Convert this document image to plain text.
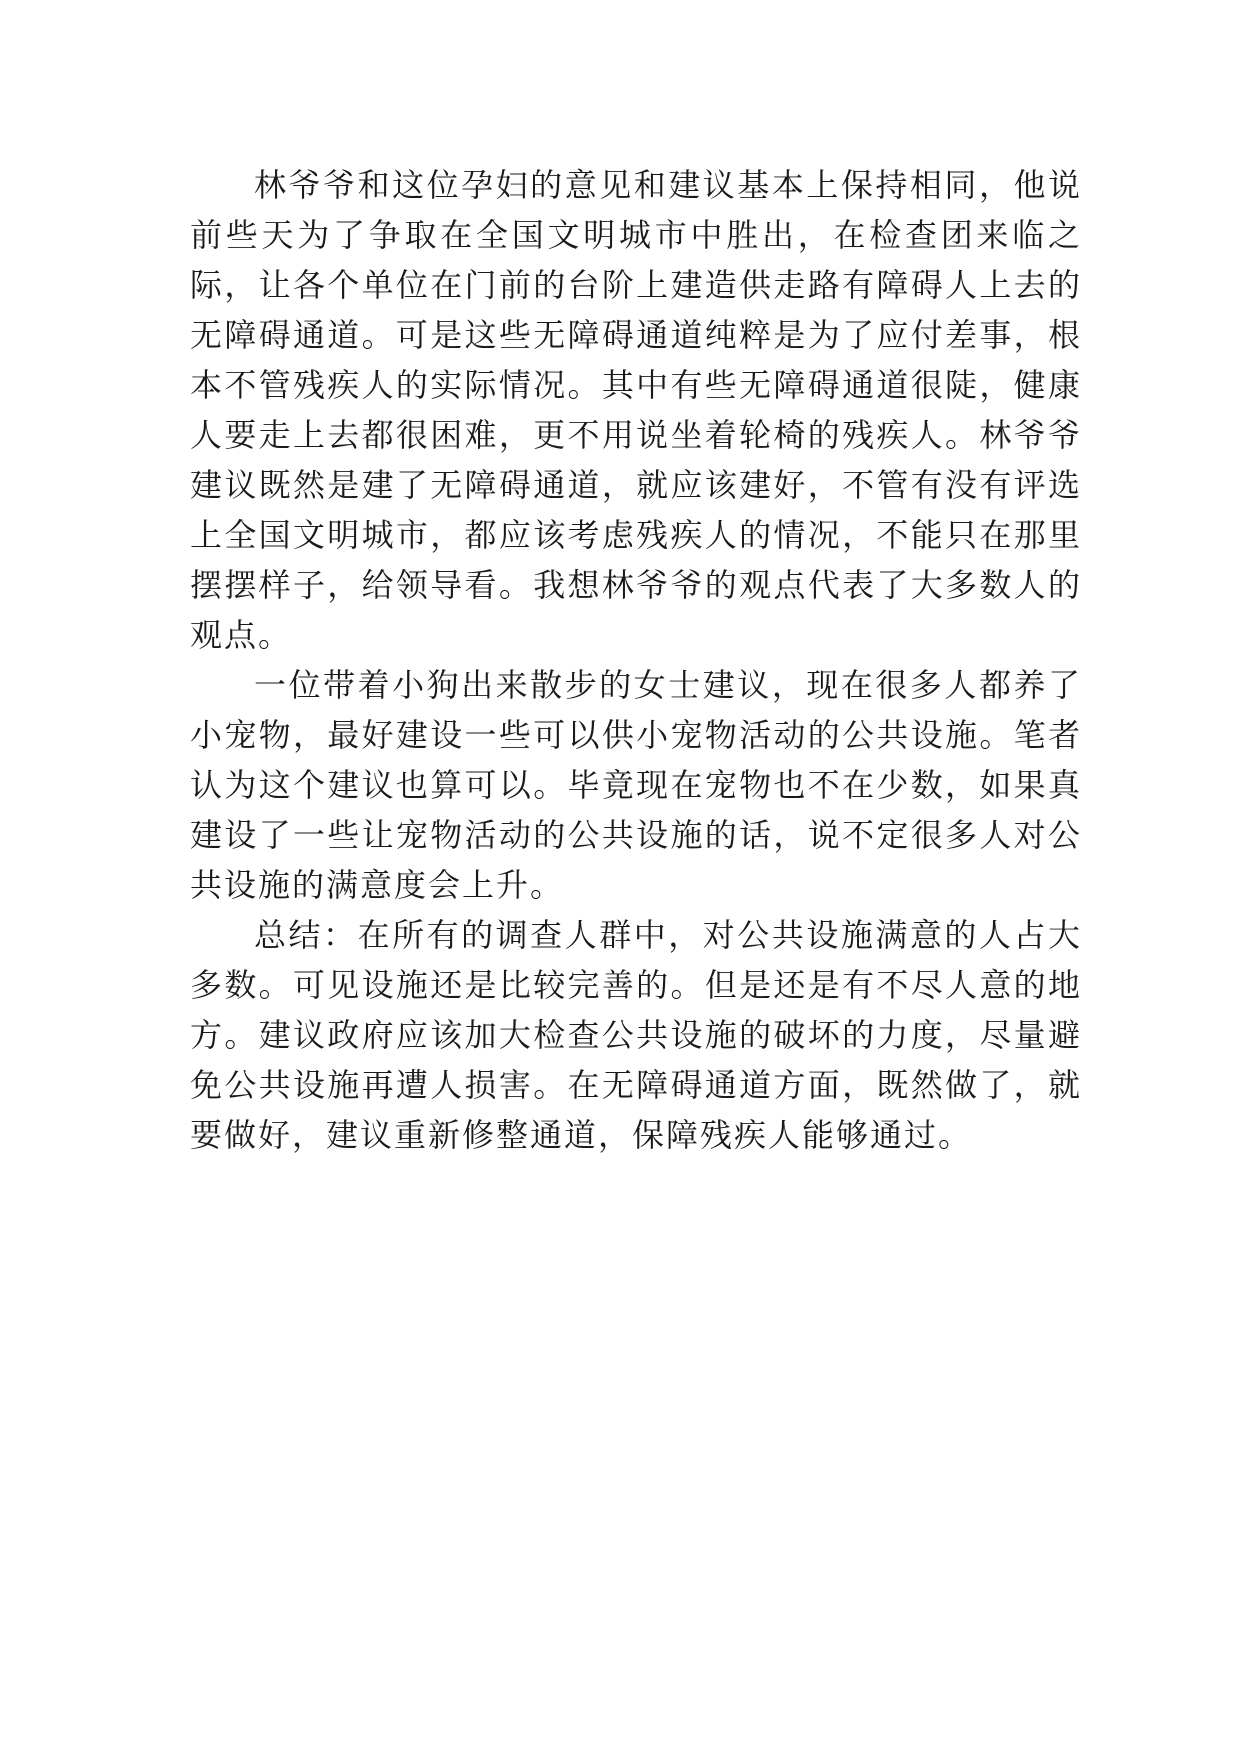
林爷爷和这位孕妇的意见和建议基本上保持相同，他说前些天为了争取在全国文明城市中胜出，在检查团来临之际，让各个单位在门前的台阶上建造供走路有障碍人上去的无障碍通道。可是这些无障碍通道纯粹是为了应付差事，根本不管残疾人的实际情况。其中有些无障碍通道很陡，健康人要走上去都很困难，更不用说坐着轮椅的残疾人。林爷爷建议既然是建了无障碍通道，就应该建好，不管有没有评选上全国文明城市，都应该考虑残疾人的情况，不能只在那里摆摆样子，给领导看。我想林爷爷的观点代表了大多数人的观点。

一位带着小狗出来散步的女士建议，现在很多人都养了小宠物，最好建设一些可以供小宠物活动的公共设施。笔者认为这个建议也算可以。毕竟现在宠物也不在少数，如果真建设了一些让宠物活动的公共设施的话，说不定很多人对公共设施的满意度会上升。

总结：在所有的调查人群中，对公共设施满意的人占大多数。可见设施还是比较完善的。但是还是有不尽人意的地方。建议政府应该加大检查公共设施的破坏的力度，尽量避免公共设施再遭人损害。在无障碍通道方面，既然做了，就要做好，建议重新修整通道，保障残疾人能够通过。
